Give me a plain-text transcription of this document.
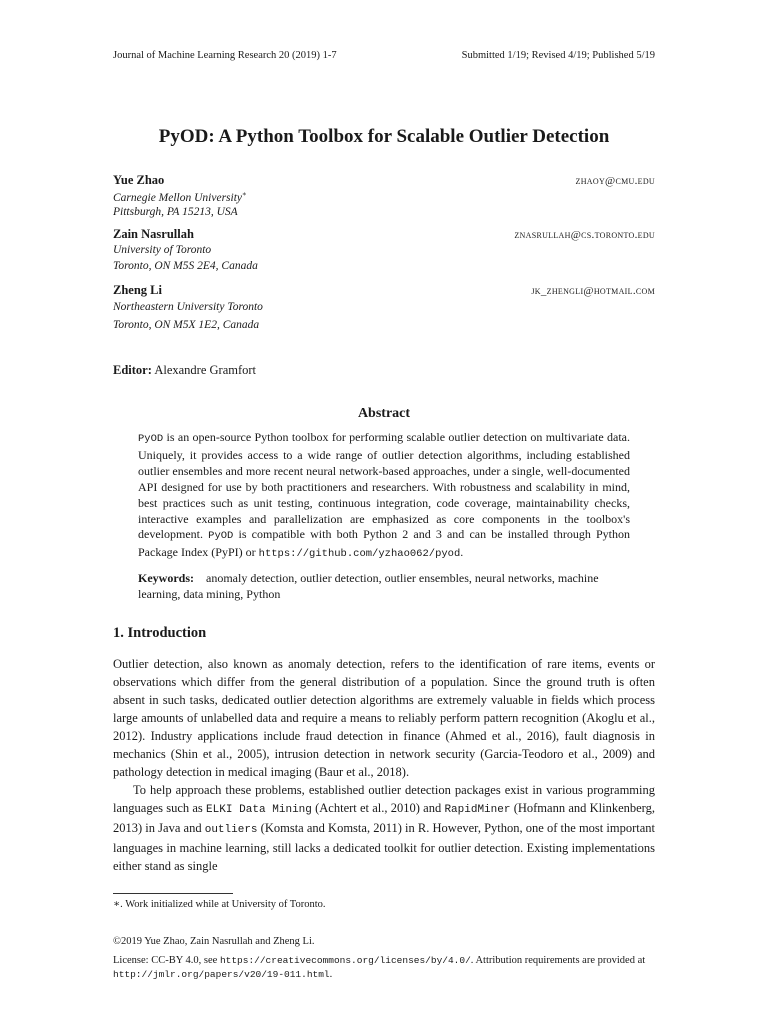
Journal of Machine Learning Research 20 (2019) 1-7	Submitted 1/19; Revised 4/19; Published 5/19
PyOD: A Python Toolbox for Scalable Outlier Detection
Yue Zhao	zhaoy@cmu.edu
Carnegie Mellon University∗
Pittsburgh, PA 15213, USA
Zain Nasrullah	znasrullah@cs.toronto.edu
University of Toronto
Toronto, ON M5S 2E4, Canada
Zheng Li	jk_zhengli@hotmail.com
Northeastern University Toronto
Toronto, ON M5X 1E2, Canada
Editor: Alexandre Gramfort
Abstract
PyOD is an open-source Python toolbox for performing scalable outlier detection on multivariate data. Uniquely, it provides access to a wide range of outlier detection algorithms, including established outlier ensembles and more recent neural network-based approaches, under a single, well-documented API designed for use by both practitioners and researchers. With robustness and scalability in mind, best practices such as unit testing, continuous integration, code coverage, maintainability checks, interactive examples and parallelization are emphasized as core components in the toolbox's development. PyOD is compatible with both Python 2 and 3 and can be installed through Python Package Index (PyPI) or https://github.com/yzhao062/pyod.
Keywords: anomaly detection, outlier detection, outlier ensembles, neural networks, machine learning, data mining, Python
1. Introduction

Outlier detection, also known as anomaly detection, refers to the identification of rare items, events or observations which differ from the general distribution of a population. Since the ground truth is often absent in such tasks, dedicated outlier detection algorithms are extremely valuable in fields which process large amounts of unlabelled data and require a means to reliably perform pattern recognition (Akoglu et al., 2012). Industry applications include fraud detection in finance (Ahmed et al., 2016), fault diagnosis in mechanics (Shin et al., 2005), intrusion detection in network security (Garcia-Teodoro et al., 2009) and pathology detection in medical imaging (Baur et al., 2018).

To help approach these problems, established outlier detection packages exist in various programming languages such as ELKI Data Mining (Achtert et al., 2010) and RapidMiner (Hofmann and Klinkenberg, 2013) in Java and outliers (Komsta and Komsta, 2011) in R. However, Python, one of the most important languages in machine learning, still lacks a dedicated toolkit for outlier detection. Existing implementations either stand as single

∗. Work initialized while at University of Toronto.
©2019 Yue Zhao, Zain Nasrullah and Zheng Li.
License: CC-BY 4.0, see https://creativecommons.org/licenses/by/4.0/. Attribution requirements are provided at http://jmlr.org/papers/v20/19-011.html.
